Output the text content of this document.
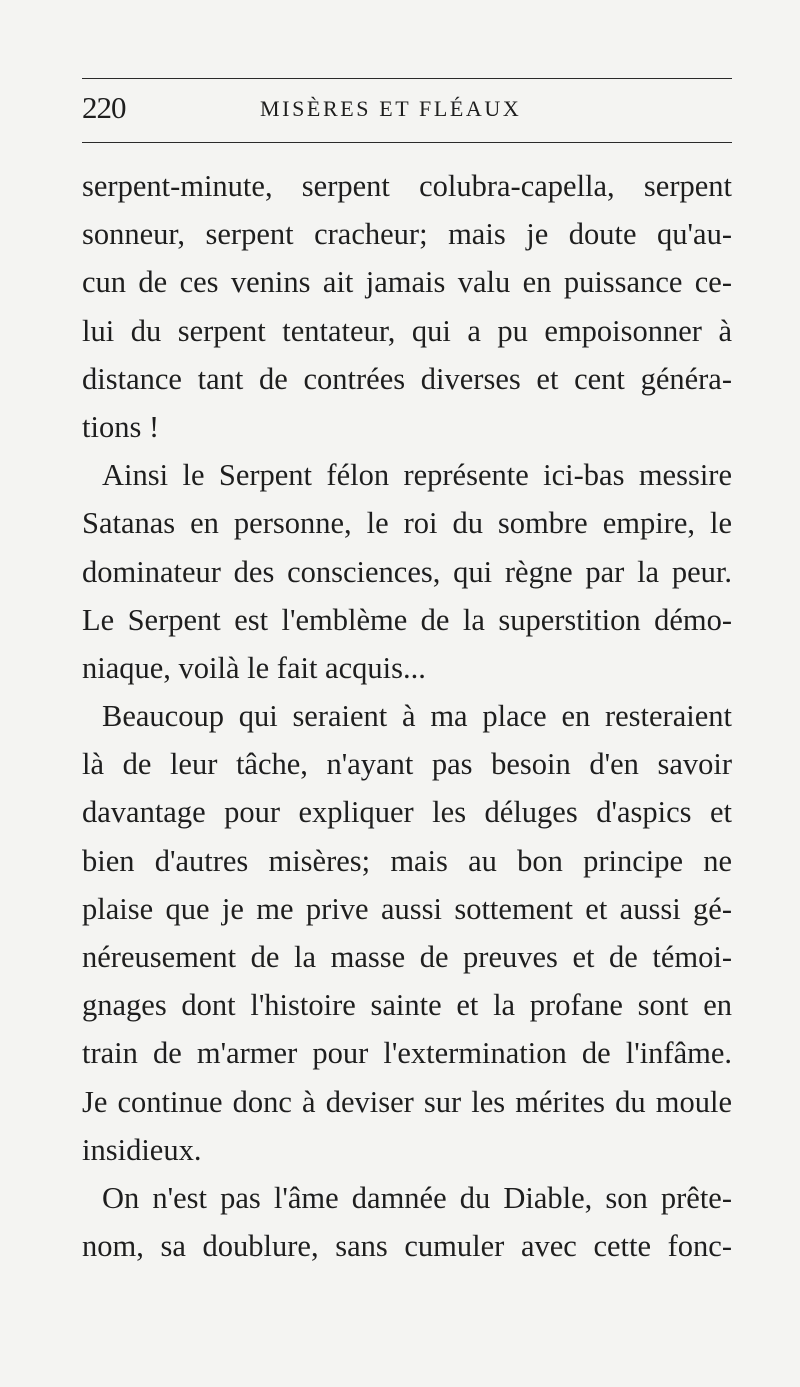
220	MISÈRES ET FLÉAUX
serpent-minute, serpent colubra-capella, serpent
sonneur, serpent cracheur; mais je doute qu'au-
cun de ces venins ait jamais valu en puissance ce-
lui du serpent tentateur, qui a pu empoisonner à
distance tant de contrées diverses et cent généra-
tions !
Ainsi le Serpent félon représente ici-bas messire
Satanas en personne, le roi du sombre empire, le
dominateur des consciences, qui règne par la peur.
Le Serpent est l'emblème de la superstition démo-
niaque, voilà le fait acquis...
Beaucoup qui seraient à ma place en resteraient
là de leur tâche, n'ayant pas besoin d'en savoir
davantage pour expliquer les déluges d'aspics et
bien d'autres misères; mais au bon principe ne
plaise que je me prive aussi sottement et aussi gé-
néreusement de la masse de preuves et de témoi-
gnages dont l'histoire sainte et la profane sont en
train de m'armer pour l'extermination de l'infâme.
Je continue donc à deviser sur les mérites du moule
insidieux.
On n'est pas l'âme damnée du Diable, son prête-
nom, sa doublure, sans cumuler avec cette fonc-
